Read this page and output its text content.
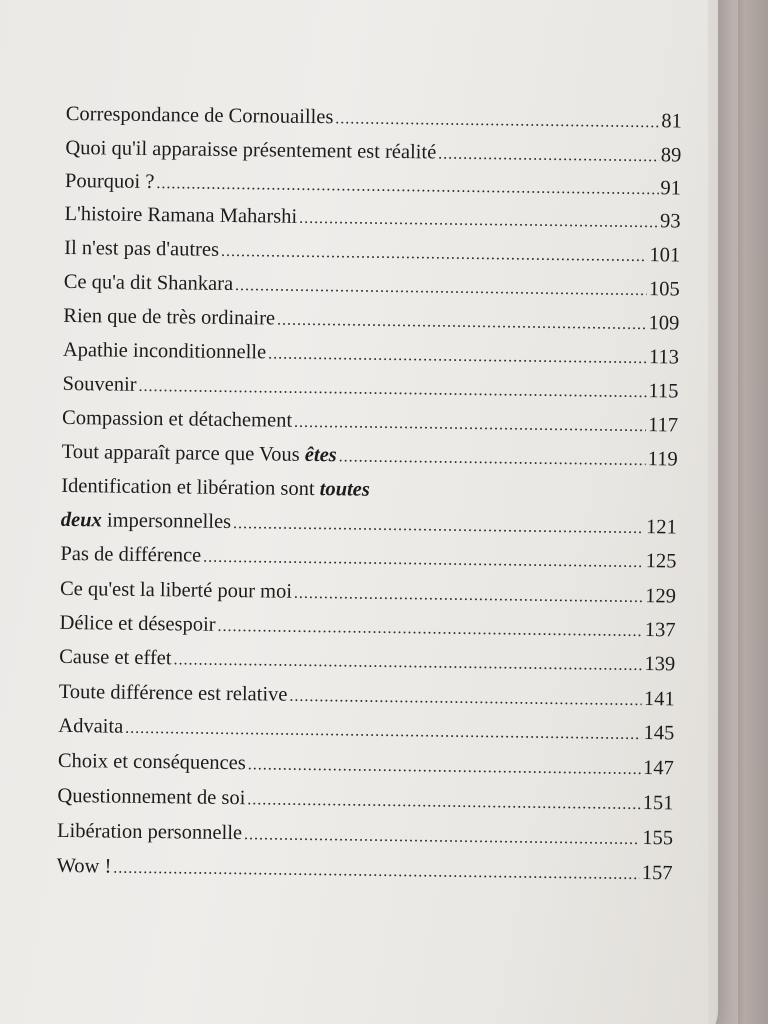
Correspondance de Cornouailles .....	81
Quoi qu'il apparaisse présentement est réalité .....	89
Pourquoi ? .....	91
L'histoire Ramana Maharshi .....	93
Il n'est pas d'autres .....	101
Ce qu'a dit Shankara .....	105
Rien que de très ordinaire .....	109
Apathie inconditionnelle .....	113
Souvenir .....	115
Compassion et détachement .....	117
Tout apparaît parce que Vous êtes .....	119
Identification et libération sont toutes
deux impersonnelles .....	121
Pas de différence .....	125
Ce qu'est la liberté pour moi .....	129
Délice et désespoir .....	137
Cause et effet .....	139
Toute différence est relative .....	141
Advaita .....	145
Choix et conséquences .....	147
Questionnement de soi .....	151
Libération personnelle .....	155
Wow ! .....	157
